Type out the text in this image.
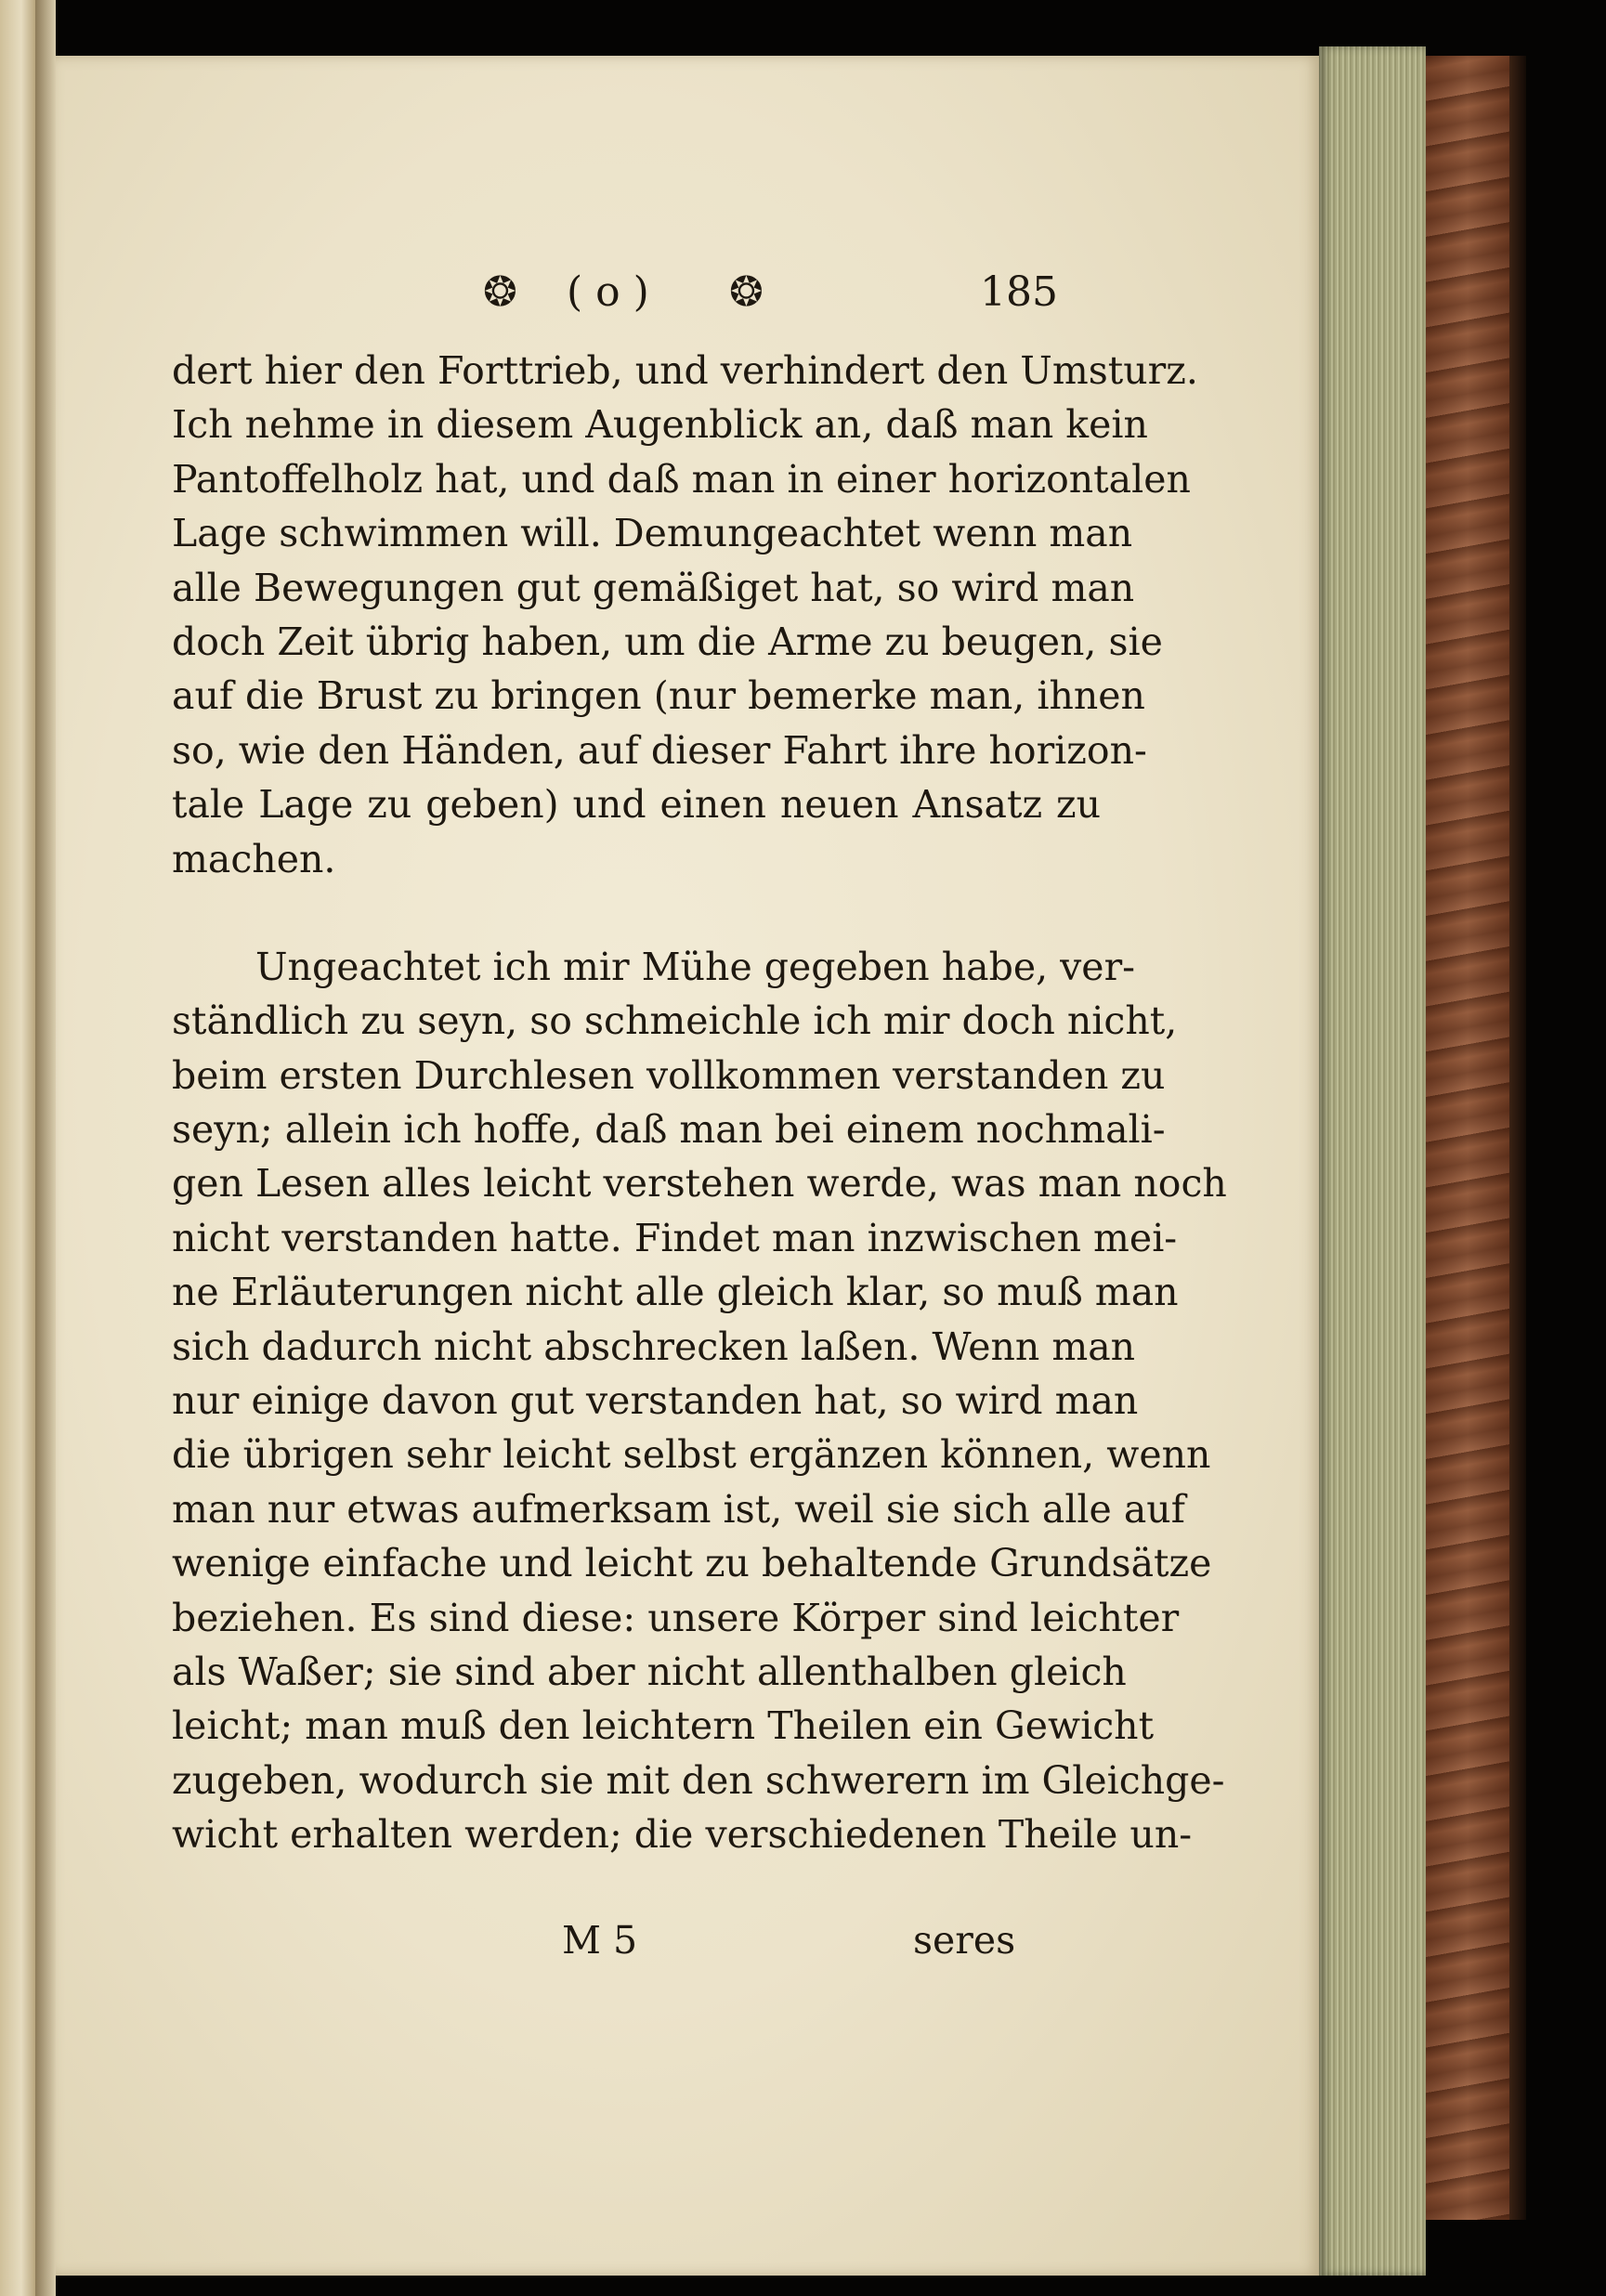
❂ ( o ) ❂	185
dert hier den Forttrieb, und verhindert den Umsturz.
Ich nehme in diesem Augenblick an, daß man kein
Pantoffelholz hat, und daß man in einer horizontalen
Lage schwimmen will. Demungeachtet wenn man
alle Bewegungen gut gemäßiget hat, so wird man
doch Zeit übrig haben, um die Arme zu beugen, sie
auf die Brust zu bringen (nur bemerke man, ihnen
so, wie den Händen, auf dieser Fahrt ihre horizon-
tale Lage zu geben) und einen neuen Ansatz zu
machen.
Ungeachtet ich mir Mühe gegeben habe, ver-
ständlich zu seyn, so schmeichle ich mir doch nicht,
beim ersten Durchlesen vollkommen verstanden zu
seyn; allein ich hoffe, daß man bei einem nochmali-
gen Lesen alles leicht verstehen werde, was man noch
nicht verstanden hatte. Findet man inzwischen mei-
ne Erläuterungen nicht alle gleich klar, so muß man
sich dadurch nicht abschrecken laßen. Wenn man
nur einige davon gut verstanden hat, so wird man
die übrigen sehr leicht selbst ergänzen können, wenn
man nur etwas aufmerksam ist, weil sie sich alle auf
wenige einfache und leicht zu behaltende Grundsätze
beziehen. Es sind diese: unsere Körper sind leichter
als Waßer; sie sind aber nicht allenthalben gleich
leicht; man muß den leichtern Theilen ein Gewicht
zugeben, wodurch sie mit den schwerern im Gleichge-
wicht erhalten werden; die verschiedenen Theile un-
M 5	seres
